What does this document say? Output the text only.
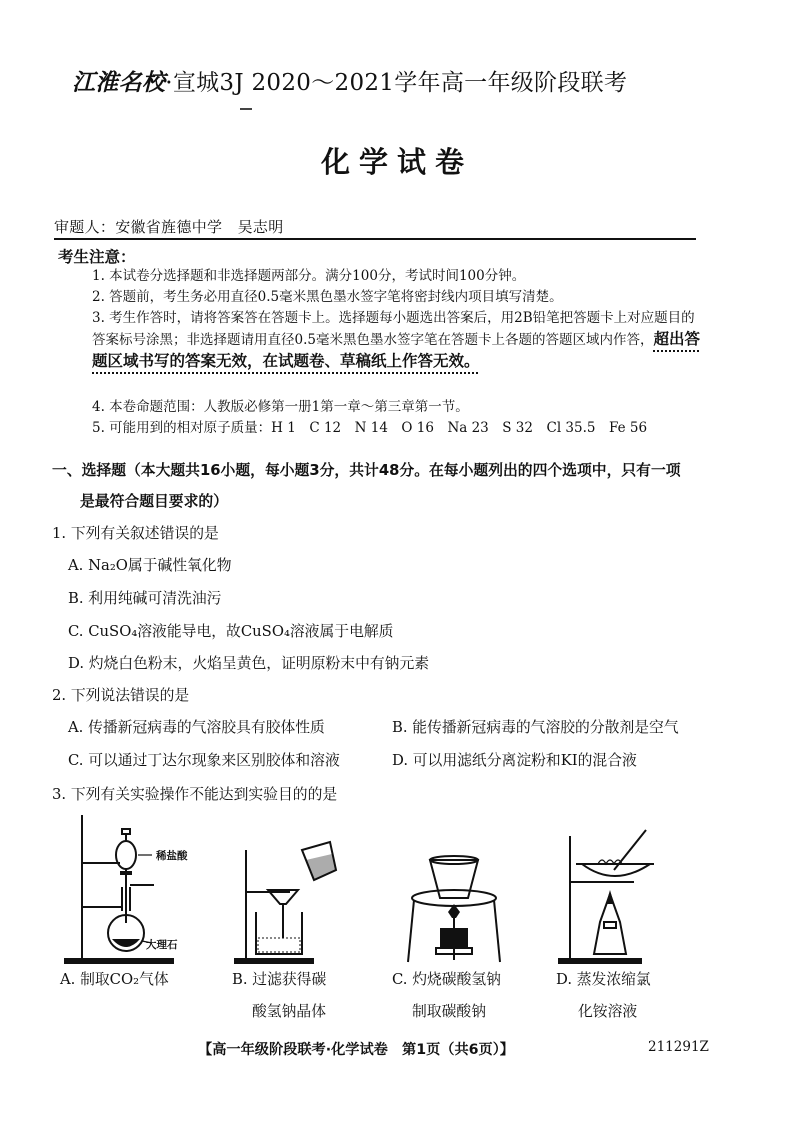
江淮名校·宣城3J 2020～2021学年高一年级阶段联考
化学试卷
审题人：安徽省旌德中学　吴志明
考生注意：
1. 本试卷分选择题和非选择题两部分。满分100分，考试时间100分钟。
2. 答题前，考生务必用直径0.5毫米黑色墨水签字笔将密封线内项目填写清楚。
3. 考生作答时，请将答案答在答题卡上。选择题每小题选出答案后，用2B铅笔把答题卡上对应题目的答案标号涂黑；非选择题请用直径0.5毫米黑色墨水签字笔在答题卡上各题的答题区域内作答，超出答题区域书写的答案无效，在试题卷、草稿纸上作答无效。
4. 本卷命题范围：人教版必修第一册1第一章～第三章第一节。
5. 可能用到的相对原子质量：H 1　C 12　N 14　O 16　Na 23　S 32　Cl 35.5　Fe 56
一、选择题（本大题共16小题，每小题3分，共计48分。在每小题列出的四个选项中，只有一项
是最符合题目要求的）
1. 下列有关叙述错误的是
A. Na₂O属于碱性氧化物
B. 利用纯碱可清洗油污
C. CuSO₄溶液能导电，故CuSO₄溶液属于电解质
D. 灼烧白色粉末，火焰呈黄色，证明原粉末中有钠元素
2. 下列说法错误的是
A. 传播新冠病毒的气溶胶具有胶体性质	B. 能传播新冠病毒的气溶胶的分散剂是空气
C. 可以通过丁达尔现象来区别胶体和溶液	D. 可以用滤纸分离淀粉和KI的混合液
3. 下列有关实验操作不能达到实验目的的是
稀盐酸
大理石
A. 制取CO₂气体	B. 过滤获得碳
酸氢钠晶体
C. 灼烧碳酸氢钠
制取碳酸钠
D. 蒸发浓缩氯
化铵溶液
【高一年级阶段联考·化学试卷　第1页（共6页）】	211291Z
